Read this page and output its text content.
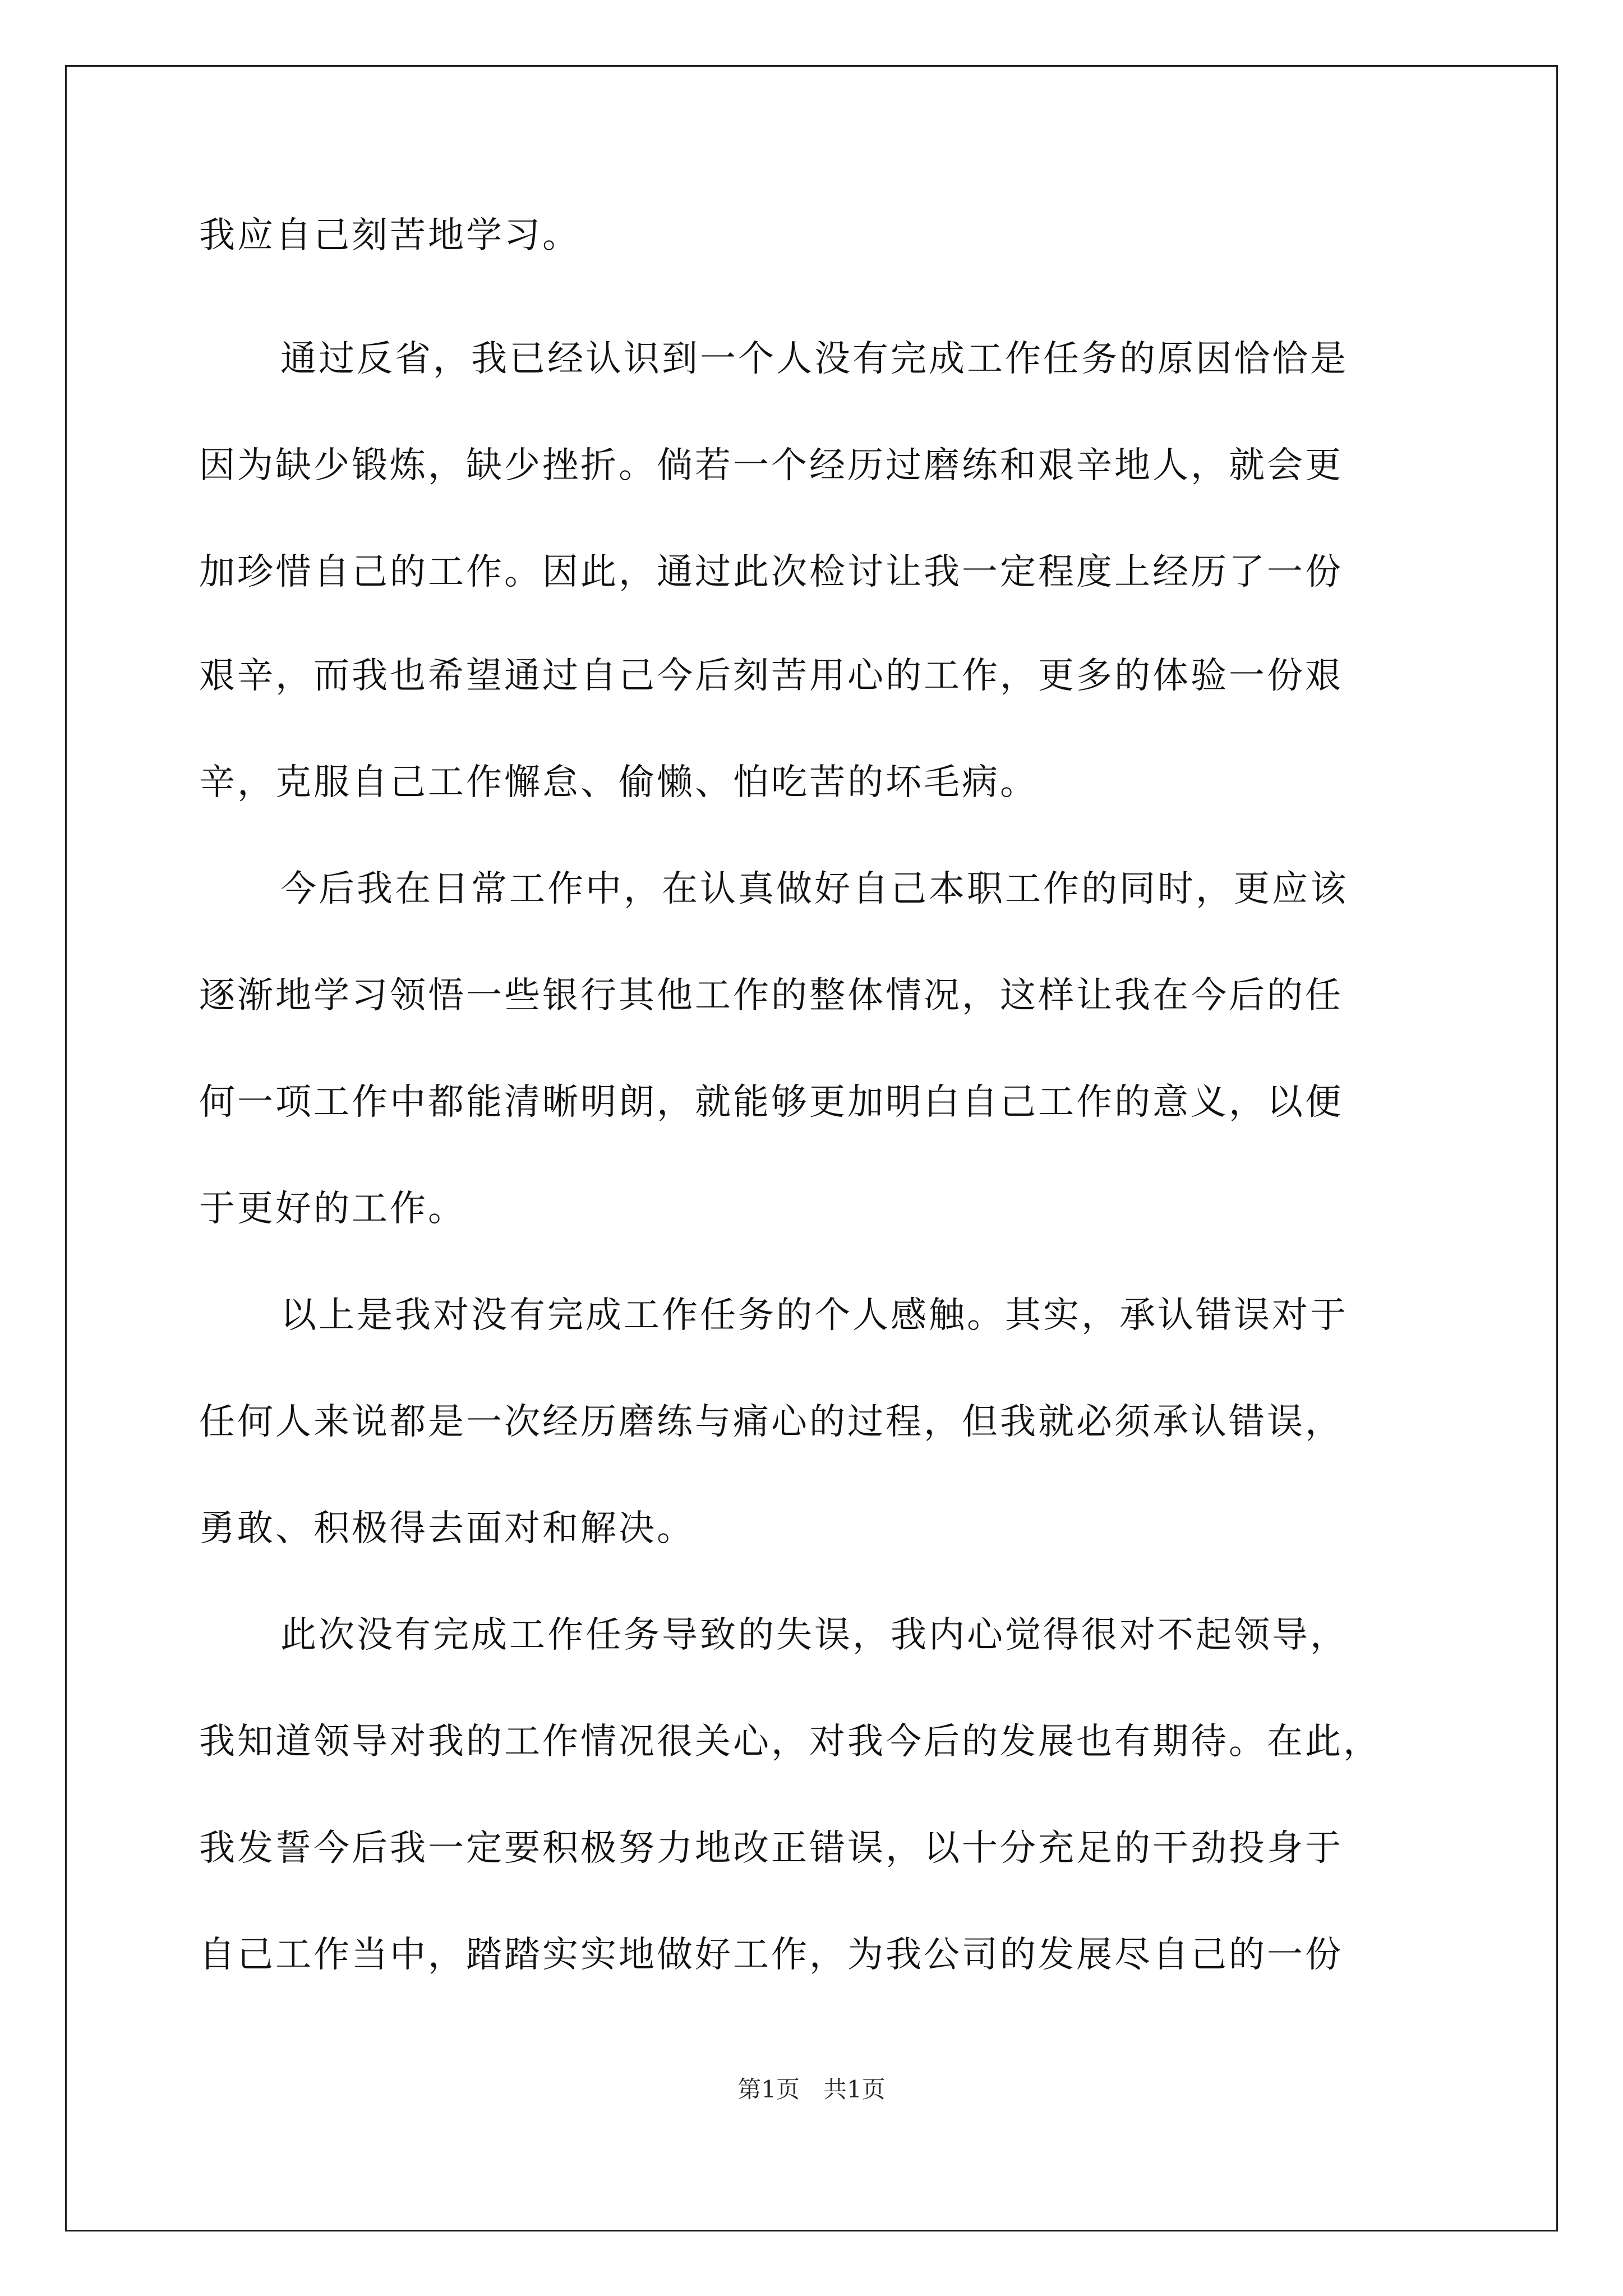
我应自己刻苦地学习。
通过反省，我已经认识到一个人没有完成工作任务的原因恰恰是
因为缺少锻炼，缺少挫折。倘若一个经历过磨练和艰辛地人，就会更
加珍惜自己的工作。因此，通过此次检讨让我一定程度上经历了一份
艰辛，而我也希望通过自己今后刻苦用心的工作，更多的体验一份艰
辛，克服自己工作懈怠、偷懒、怕吃苦的坏毛病。
今后我在日常工作中，在认真做好自己本职工作的同时，更应该
逐渐地学习领悟一些银行其他工作的整体情况，这样让我在今后的任
何一项工作中都能清晰明朗，就能够更加明白自己工作的意义，以便
于更好的工作。
以上是我对没有完成工作任务的个人感触。其实，承认错误对于
任何人来说都是一次经历磨练与痛心的过程，但我就必须承认错误，
勇敢、积极得去面对和解决。
此次没有完成工作任务导致的失误，我内心觉得很对不起领导，
我知道领导对我的工作情况很关心，对我今后的发展也有期待。在此，
我发誓今后我一定要积极努力地改正错误，以十分充足的干劲投身于
自己工作当中，踏踏实实地做好工作，为我公司的发展尽自己的一份
第1页　共1页
